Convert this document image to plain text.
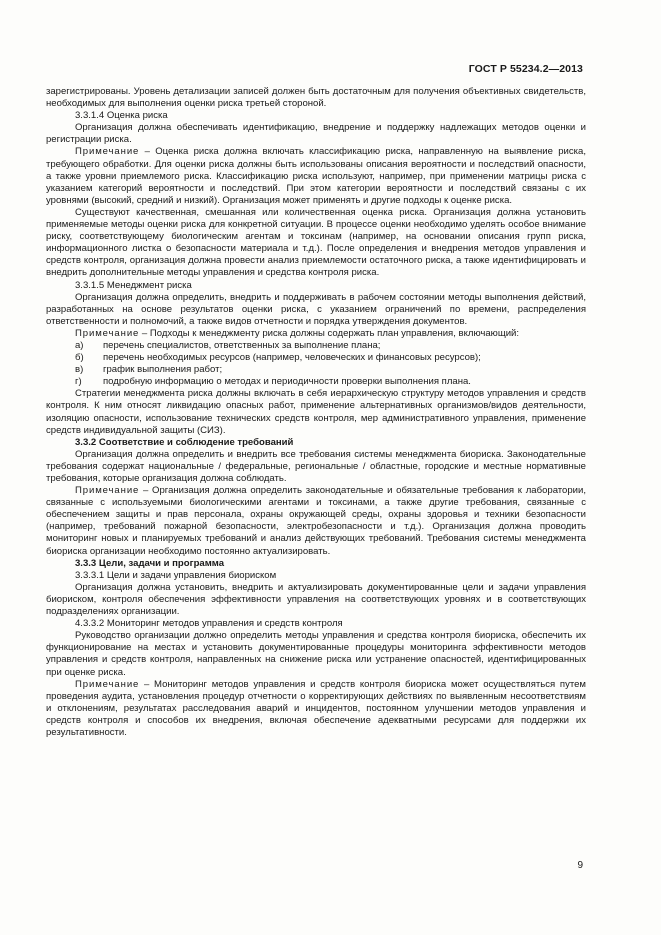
ГОСТ Р 55234.2—2013

зарегистрированы. Уровень детализации записей должен быть достаточным для получения объективных свидетельств, необходимых для выполнения оценки риска третьей стороной.

3.3.1.4 Оценка риска

Организация должна обеспечивать идентификацию, внедрение и поддержку надлежащих методов оценки и регистрации риска.

Примечание – Оценка риска должна включать классификацию риска, направленную на выявление риска, требующего обработки. Для оценки риска должны быть использованы описания вероятности и последствий опасности, а также уровни приемлемого риска. Классификацию риска используют, например, при применении матрицы риска с указанием категорий вероятности и последствий. При этом категории вероятности и последствий связаны с их уровнями (высокий, средний и низкий). Организация может применять и другие подходы к оценке риска.

Существуют качественная, смешанная или количественная оценка риска. Организация должна установить применяемые методы оценки риска для конкретной ситуации. В процессе оценки необходимо уделять особое внимание риску, соответствующему биологическим агентам и токсинам (например, на основании описания групп риска, информационного листка о безопасности материала и т.д.). После определения и внедрения методов управления и средств контроля, организация должна провести анализ приемлемости остаточного риска, а также идентифицировать и внедрить дополнительные методы управления и средства контроля риска.

3.3.1.5 Менеджмент риска

Организация должна определить, внедрить и поддерживать в рабочем состоянии методы выполнения действий, разработанных на основе результатов оценки риска, с указанием ограничений по времени, распределения ответственности и полномочий, а также видов отчетности и порядка утверждения документов.

Примечание – Подходы к менеджменту риска должны содержать план управления, включающий:

а)	перечень специалистов, ответственных за выполнение плана;

б)	перечень необходимых ресурсов (например, человеческих и финансовых ресурсов);

в)	график выполнения работ;

г)	подробную информацию о методах и периодичности проверки выполнения плана.

Стратегии менеджмента риска должны включать в себя иерархическую структуру методов управления и средств контроля. К ним относят ликвидацию опасных работ, применение альтернативных организмов/видов деятельности, изоляцию опасности, использование технических средств контроля, мер административного управления, применение средств индивидуальной защиты (СИЗ).

3.3.2 Соответствие и соблюдение требований

Организация должна определить и внедрить все требования системы менеджмента биориска. Законодательные требования содержат национальные / федеральные, региональные / областные, городские и местные нормативные требования, которые организация должна соблюдать.

Примечание – Организация должна определить законодательные и обязательные требования к лаборатории, связанные с используемыми биологическими агентами и токсинами, а также другие требования, связанные с обеспечением защиты и прав персонала, охраны окружающей среды, охраны здоровья и техники безопасности (например, требований пожарной безопасности, электробезопасности и т.д.). Организация должна проводить мониторинг новых и планируемых требований и анализ действующих требований. Требования системы менеджмента биориска организации необходимо постоянно актуализировать.

3.3.3 Цели, задачи и программа

3.3.3.1 Цели и задачи управления биориском

Организация должна установить, внедрить и актуализировать документированные цели и задачи управления биориском, контроля обеспечения эффективности управления на соответствующих уровнях и в соответствующих подразделениях организации.

4.3.3.2 Мониторинг методов управления и средств контроля

Руководство организации должно определить методы управления и средства контроля биориска, обеспечить их функционирование на местах и установить документированные процедуры мониторинга эффективности методов управления и средств контроля, направленных на снижение риска или устранение опасностей, идентифицированных при оценке риска.

Примечание – Мониторинг методов управления и средств контроля биориска может осуществляться путем проведения аудита, установления процедур отчетности о корректирующих действиях по выявленным несоответствиям и отклонениям, результатах расследования аварий и инцидентов, постоянном улучшении методов управления и средств контроля и способов их внедрения, включая обеспечение адекватными ресурсами для поддержки их результативности.

9
